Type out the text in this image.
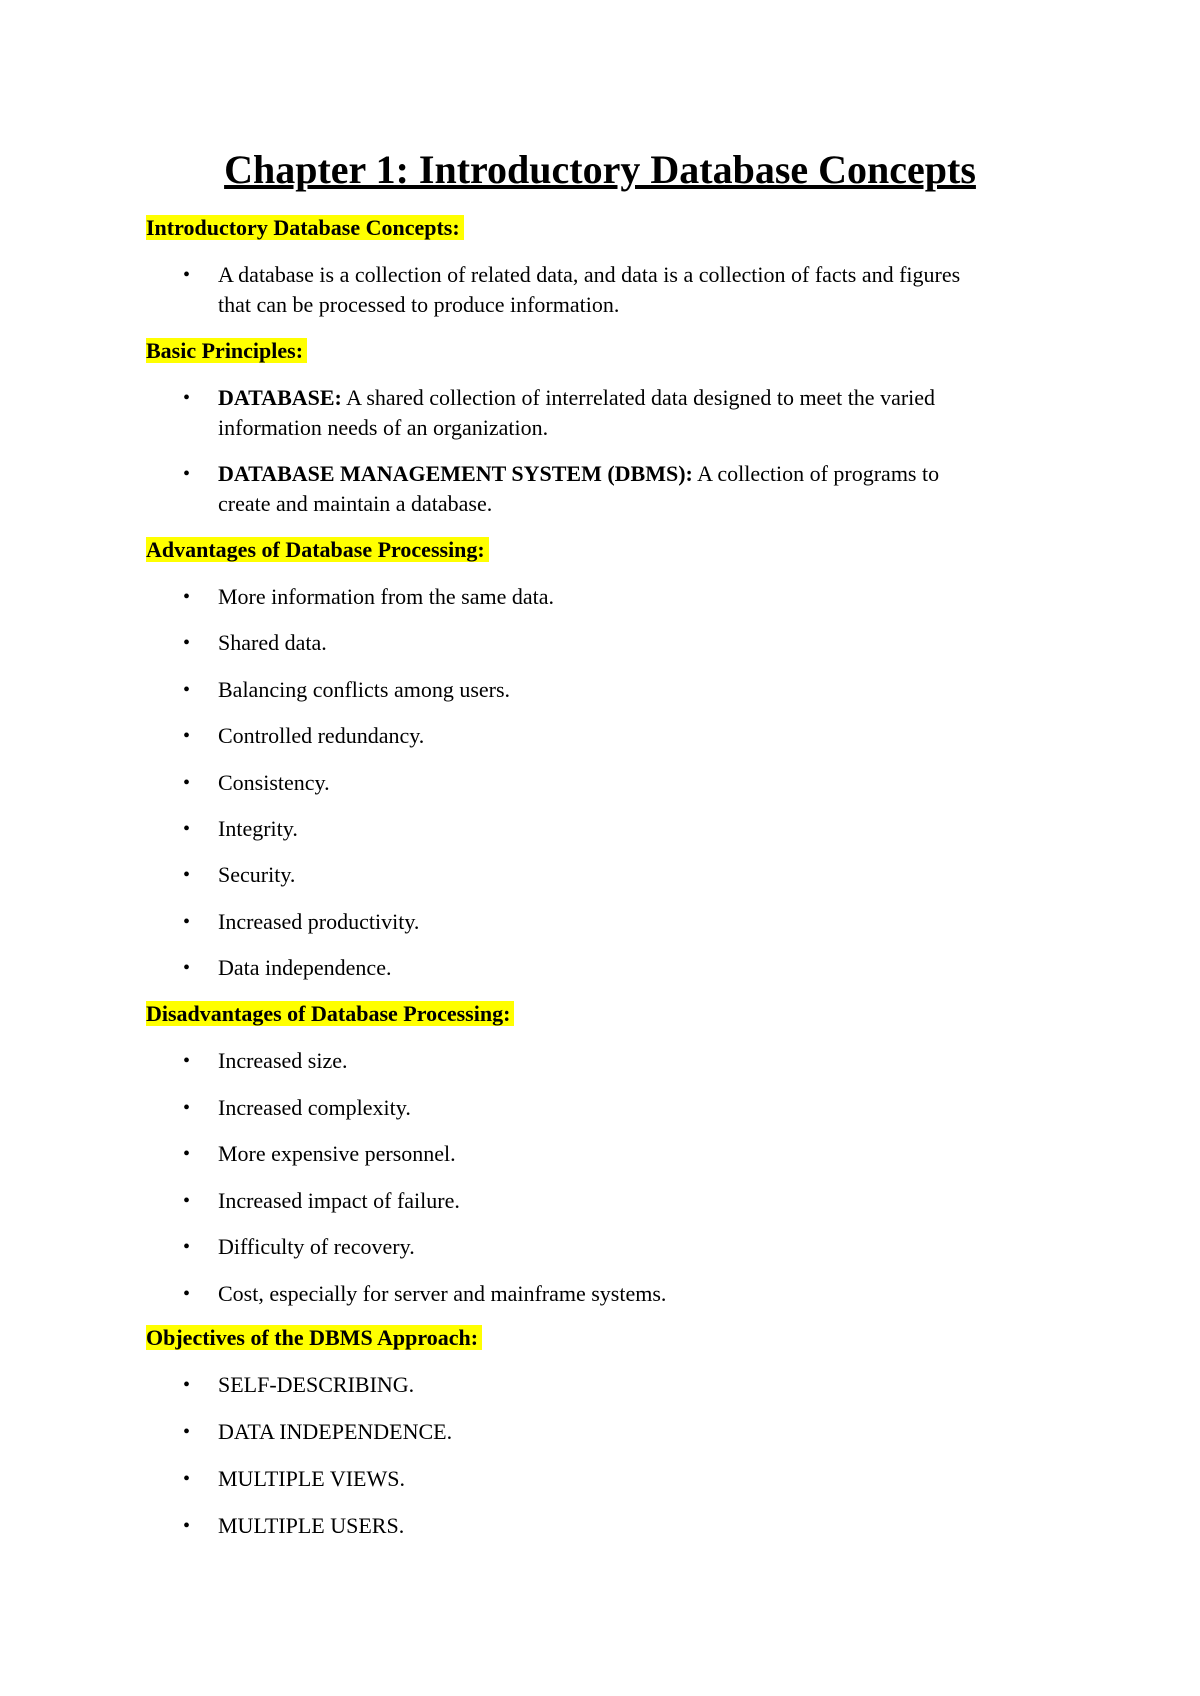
Chapter 1: Introductory Database Concepts
Introductory Database Concepts:
• A database is a collection of related data, and data is a collection of facts and figures
that can be processed to produce information.
Basic Principles:
• DATABASE: A shared collection of interrelated data designed to meet the varied
information needs of an organization.
• DATABASE MANAGEMENT SYSTEM (DBMS): A collection of programs to
create and maintain a database.
Advantages of Database Processing:
• More information from the same data.
• Shared data.
• Balancing conflicts among users.
• Controlled redundancy.
• Consistency.
• Integrity.
• Security.
• Increased productivity.
• Data independence.
Disadvantages of Database Processing:
• Increased size.
• Increased complexity.
• More expensive personnel.
• Increased impact of failure.
• Difficulty of recovery.
• Cost, especially for server and mainframe systems.
Objectives of the DBMS Approach:
• SELF-DESCRIBING.
• DATA INDEPENDENCE.
• MULTIPLE VIEWS.
• MULTIPLE USERS.
